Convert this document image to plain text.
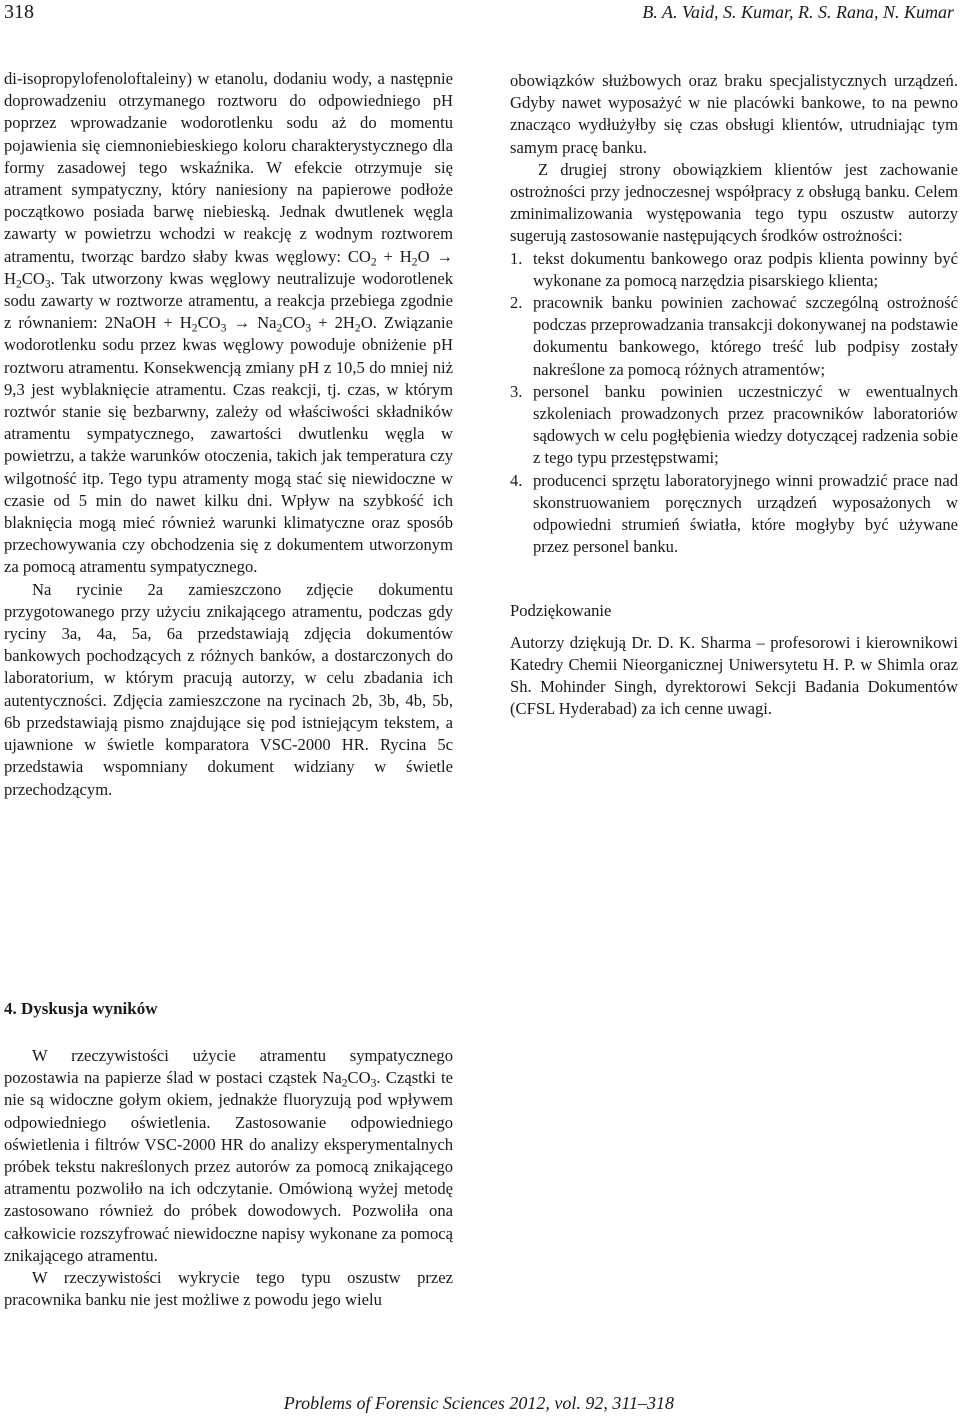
318	B. A. Vaid, S. Kumar, R. S. Rana, N. Kumar

di-isopropylofenoloftaleiny) w etanolu, dodaniu wody, a następnie doprowadzeniu otrzymanego roztworu do odpowiedniego pH poprzez wprowadzanie wodorotlenku sodu aż do momentu pojawienia się ciemnoniebieskiego koloru charakterystycznego dla formy zasadowej tego wskaźnika. W efekcie otrzymuje się atrament sympatyczny, który naniesiony na papierowe podłoże początkowo posiada barwę niebieską. Jednak dwutlenek węgla zawarty w powietrzu wchodzi w reakcję z wodnym roztworem atramentu, tworząc bardzo słaby kwas węglowy: $CO_2 + H_2O \to H_2CO_3$. Tak utworzony kwas węglowy neutralizuje wodorotlenek sodu zawarty w roztworze atramentu, a reakcja przebiega zgodnie z równaniem: 2NaOH + $H_2CO_3 \to Na_2CO_3 + 2H_2O$. Związanie wodorotlenku sodu przez kwas węglowy powoduje obniżenie pH roztworu atramentu. Konsekwencją zmiany pH z 10,5 do mniej niż 9,3 jest wyblaknięcie atramentu. Czas reakcji, tj. czas, w którym roztwór stanie się bezbarwny, zależy od właściwości składników atramentu sympatycznego, zawartości dwutlenku węgla w powietrzu, a także warunków otoczenia, takich jak temperatura czy wilgotność itp. Tego typu atramenty mogą stać się niewidoczne w czasie od 5 min do nawet kilku dni. Wpływ na szybkość ich blaknięcia mogą mieć również warunki klimatyczne oraz sposób przechowywania czy obchodzenia się z dokumentem utworzonym za pomocą atramentu sympatycznego.

Na rycinie 2a zamieszczono zdjęcie dokumentu przygotowanego przy użyciu znikającego atramentu, podczas gdy ryciny 3a, 4a, 5a, 6a przedstawiają zdjęcia dokumentów bankowych pochodzących z różnych banków, a dostarczonych do laboratorium, w którym pracują autorzy, w celu zbadania ich autentyczności. Zdjęcia zamieszczone na rycinach 2b, 3b, 4b, 5b, 6b przedstawiają pismo znajdujące się pod istniejącym tekstem, a ujawnione w świetle komparatora VSC-2000 HR. Rycina 5c przedstawia wspomniany dokument widziany w świetle przechodzącym.

obowiązków służbowych oraz braku specjalistycznych urządzeń. Gdyby nawet wyposażyć w nie placówki bankowe, to na pewno znacząco wydłużyłby się czas obsługi klientów, utrudniając tym samym pracę banku.

Z drugiej strony obowiązkiem klientów jest zachowanie ostrożności przy jednoczesnej współpracy z obsługą banku. Celem zminimalizowania występowania tego typu oszustw autorzy sugerują zastosowanie następujących środków ostrożności:

1. tekst dokumentu bankowego oraz podpis klienta powinny być wykonane za pomocą narzędzia pisarskiego klienta;
2. pracownik banku powinien zachować szczególną ostrożność podczas przeprowadzania transakcji dokonywanej na podstawie dokumentu bankowego, którego treść lub podpisy zostały nakreślone za pomocą różnych atramentów;
3. personel banku powinien uczestniczyć w ewentualnych szkoleniach prowadzonych przez pracowników laboratoriów sądowych w celu pogłębienia wiedzy dotyczącej radzenia sobie z tego typu przestępstwami;
4. producenci sprzętu laboratoryjnego winni prowadzić prace nad skonstruowaniem poręcznych urządzeń wyposażonych w odpowiedni strumień światła, które mogłyby być używane przez personel banku.

Podziękowanie

Autorzy dziękują Dr. D. K. Sharma – profesorowi i kierownikowi Katedry Chemii Nieorganicznej Uniwersytetu H. P. w Shimla oraz Sh. Mohinder Singh, dyrektorowi Sekcji Badania Dokumentów (CFSL Hyderabad) za ich cenne uwagi.

4. Dyskusja wyników

W rzeczywistości użycie atramentu sympatycznego pozostawia na papierze ślad w postaci cząstek $Na_2CO_3$. Cząstki te nie są widoczne gołym okiem, jednakże fluoryzują pod wpływem odpowiedniego oświetlenia. Zastosowanie odpowiedniego oświetlenia i filtrów VSC-2000 HR do analizy eksperymentalnych próbek tekstu nakreślonych przez autorów za pomocą znikającego atramentu pozwoliło na ich odczytanie. Omówioną wyżej metodę zastosowano również do próbek dowodowych. Pozwoliła ona całkowicie rozszyfrować niewidoczne napisy wykonane za pomocą znikającego atramentu.

W rzeczywistości wykrycie tego typu oszustw przez pracownika banku nie jest możliwe z powodu jego wielu

Problems of Forensic Sciences 2012, vol. 92, 311–318
